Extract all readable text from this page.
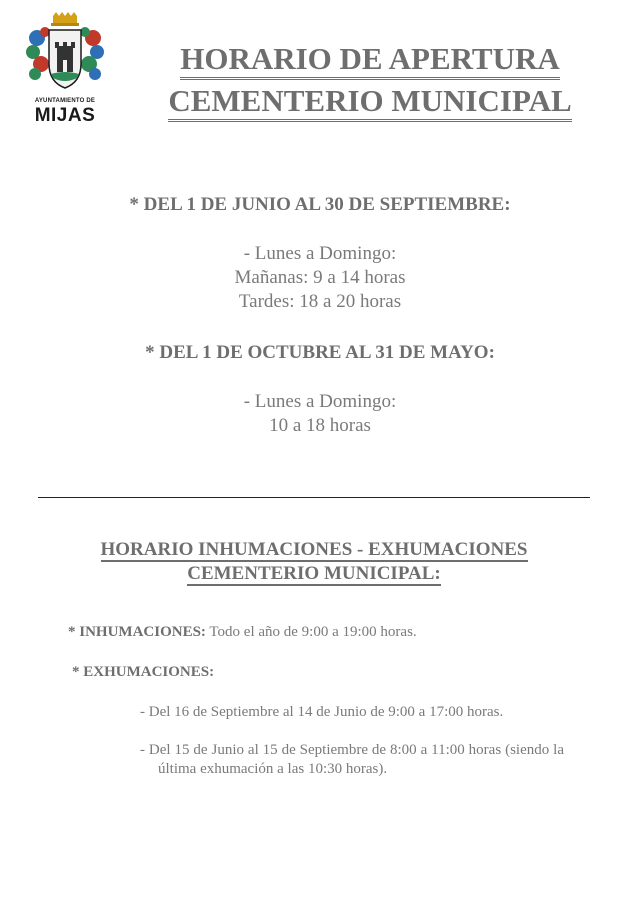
AYUNTAMIENTO DE
MIJAS
HORARIO DE APERTURA
CEMENTERIO MUNICIPAL
* DEL 1 DE JUNIO AL 30 DE SEPTIEMBRE:
- Lunes a Domingo:
Mañanas: 9 a 14 horas
Tardes: 18 a 20 horas
* DEL 1 DE OCTUBRE AL 31 DE MAYO:
- Lunes a Domingo:
10 a 18 horas
HORARIO INHUMACIONES - EXHUMACIONES
CEMENTERIO MUNICIPAL:
* INHUMACIONES: Todo el año de 9:00 a 19:00 horas.
* EXHUMACIONES:
- Del 16 de Septiembre al 14 de Junio de 9:00 a 17:00 horas.
- Del 15 de Junio al 15 de Septiembre de 8:00 a 11:00 horas (siendo la última exhumación a las 10:30 horas).
